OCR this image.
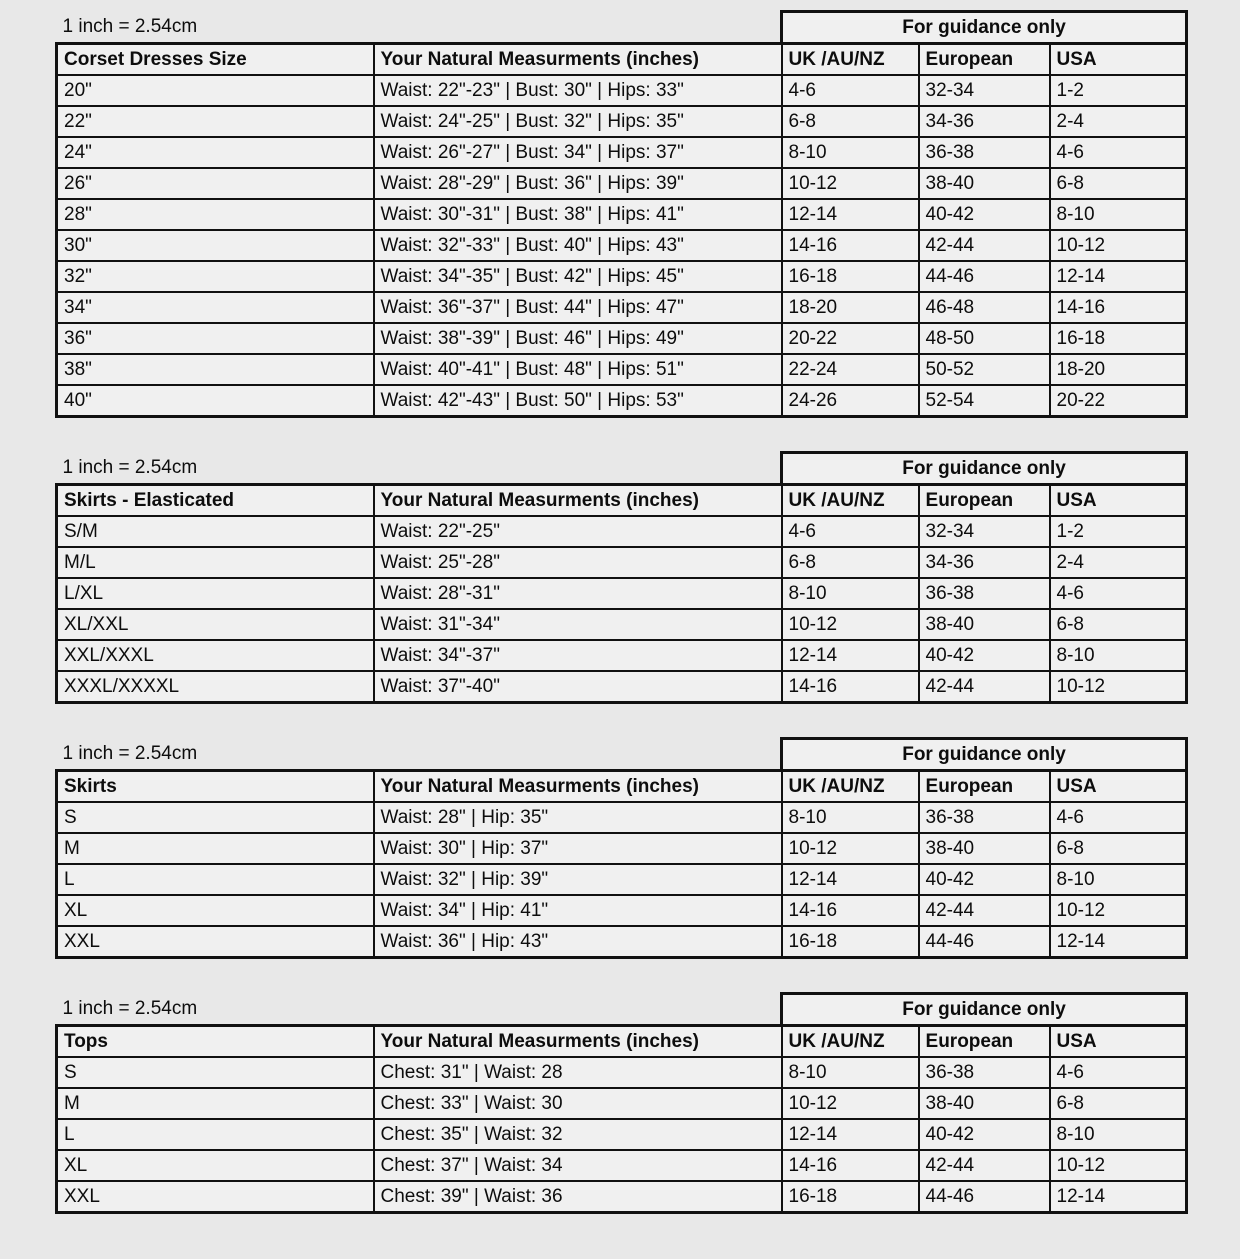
1 inch = 2.54cm		For guidance only		
Corset Dresses Size	Your Natural Measurments (inches)	UK /AU/NZ	European	USA
20"	Waist: 22"-23" | Bust: 30" | Hips: 33"	4-6	32-34	1-2
22"	Waist: 24"-25" | Bust: 32" | Hips: 35"	6-8	34-36	2-4
24"	Waist: 26"-27" | Bust: 34" | Hips: 37"	8-10	36-38	4-6
26"	Waist: 28"-29" | Bust: 36" | Hips: 39"	10-12	38-40	6-8
28"	Waist: 30"-31" | Bust: 38" | Hips: 41"	12-14	40-42	8-10
30"	Waist: 32"-33" | Bust: 40" | Hips: 43"	14-16	42-44	10-12
32"	Waist: 34"-35" | Bust: 42" | Hips: 45"	16-18	44-46	12-14
34"	Waist: 36"-37" | Bust: 44" | Hips: 47"	18-20	46-48	14-16
36"	Waist: 38"-39" | Bust: 46" | Hips: 49"	20-22	48-50	16-18
38"	Waist: 40"-41" | Bust: 48" | Hips: 51"	22-24	50-52	18-20
40"	Waist: 42"-43" | Bust: 50" | Hips: 53"	24-26	52-54	20-22
1 inch = 2.54cm		For guidance only		
Skirts - Elasticated	Your Natural Measurments (inches)	UK /AU/NZ	European	USA
S/M	Waist: 22"-25"	4-6	32-34	1-2
M/L	Waist: 25"-28"	6-8	34-36	2-4
L/XL	Waist: 28"-31"	8-10	36-38	4-6
XL/XXL	Waist: 31"-34"	10-12	38-40	6-8
XXL/XXXL	Waist: 34"-37"	12-14	40-42	8-10
XXXL/XXXXL	Waist: 37"-40"	14-16	42-44	10-12
1 inch = 2.54cm		For guidance only		
Skirts	Your Natural Measurments (inches)	UK /AU/NZ	European	USA
S	Waist: 28" | Hip: 35"	8-10	36-38	4-6
M	Waist: 30" | Hip: 37"	10-12	38-40	6-8
L	Waist: 32" | Hip: 39"	12-14	40-42	8-10
XL	Waist: 34" | Hip: 41"	14-16	42-44	10-12
XXL	Waist: 36" | Hip: 43"	16-18	44-46	12-14
1 inch = 2.54cm		For guidance only		
Tops	Your Natural Measurments (inches)	UK /AU/NZ	European	USA
S	Chest: 31" | Waist: 28	8-10	36-38	4-6
M	Chest: 33" | Waist: 30	10-12	38-40	6-8
L	Chest: 35" | Waist: 32	12-14	40-42	8-10
XL	Chest: 37" | Waist: 34	14-16	42-44	10-12
XXL	Chest: 39" | Waist: 36	16-18	44-46	12-14
